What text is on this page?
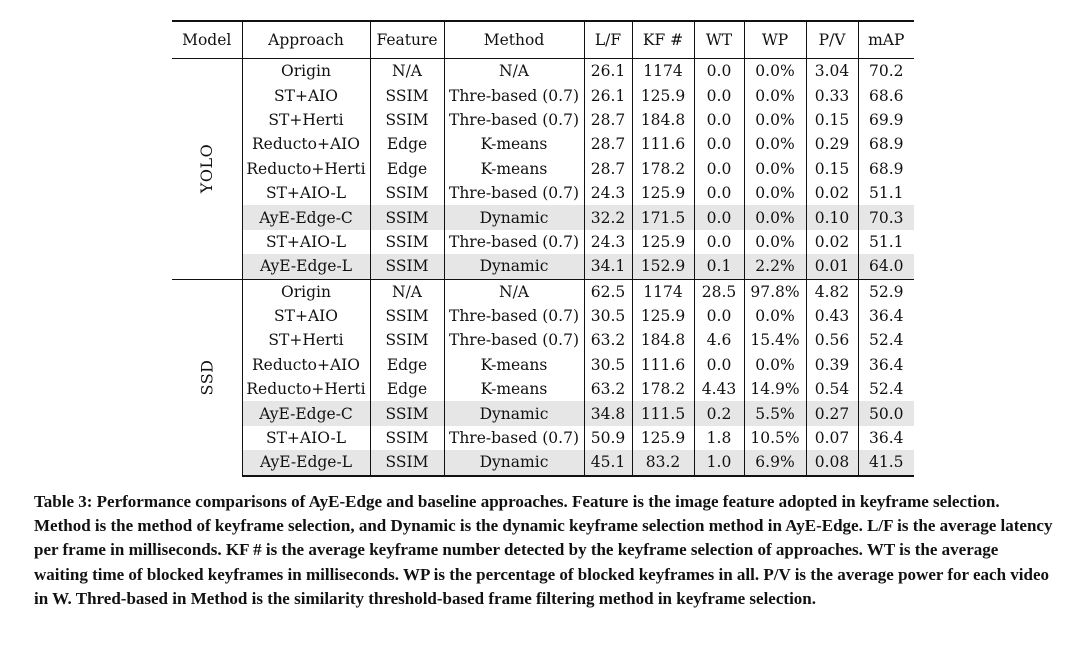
Model	Approach	Feature	Method	L/F	KF #	WT	WP	P/V	mAP
YOLO	Origin	N/A	N/A	26.1	1174	0.0	0.0%	3.04	70.2
	ST+AIO	SSIM	Thre-based (0.7)	26.1	125.9	0.0	0.0%	0.33	68.6
	ST+Herti	SSIM	Thre-based (0.7)	28.7	184.8	0.0	0.0%	0.15	69.9
	Reducto+AIO	Edge	K-means	28.7	111.6	0.0	0.0%	0.29	68.9
	Reducto+Herti	Edge	K-means	28.7	178.2	0.0	0.0%	0.15	68.9
	ST+AIO-L	SSIM	Thre-based (0.7)	24.3	125.9	0.0	0.0%	0.02	51.1
	AyE-Edge-C	SSIM	Dynamic	32.2	171.5	0.0	0.0%	0.10	70.3
	ST+AIO-L	SSIM	Thre-based (0.7)	24.3	125.9	0.0	0.0%	0.02	51.1
	AyE-Edge-L	SSIM	Dynamic	34.1	152.9	0.1	2.2%	0.01	64.0
SSD	Origin	N/A	N/A	62.5	1174	28.5	97.8%	4.82	52.9
	ST+AIO	SSIM	Thre-based (0.7)	30.5	125.9	0.0	0.0%	0.43	36.4
	ST+Herti	SSIM	Thre-based (0.7)	63.2	184.8	4.6	15.4%	0.56	52.4
	Reducto+AIO	Edge	K-means	30.5	111.6	0.0	0.0%	0.39	36.4
	Reducto+Herti	Edge	K-means	63.2	178.2	4.43	14.9%	0.54	52.4
	AyE-Edge-C	SSIM	Dynamic	34.8	111.5	0.2	5.5%	0.27	50.0
	ST+AIO-L	SSIM	Thre-based (0.7)	50.9	125.9	1.8	10.5%	0.07	36.4
	AyE-Edge-L	SSIM	Dynamic	45.1	83.2	1.0	6.9%	0.08	41.5

Table 3: Performance comparisons of AyE-Edge and baseline approaches. Feature is the image feature adopted in keyframe selection. Method is the method of keyframe selection, and Dynamic is the dynamic keyframe selection method in AyE-Edge. L/F is the average latency per frame in milliseconds. KF # is the average keyframe number detected by the keyframe selection of approaches. WT is the average waiting time of blocked keyframes in milliseconds. WP is the percentage of blocked keyframes in all. P/V is the average power for each video in W. Thred-based in Method is the similarity threshold-based frame filtering method in keyframe selection.
